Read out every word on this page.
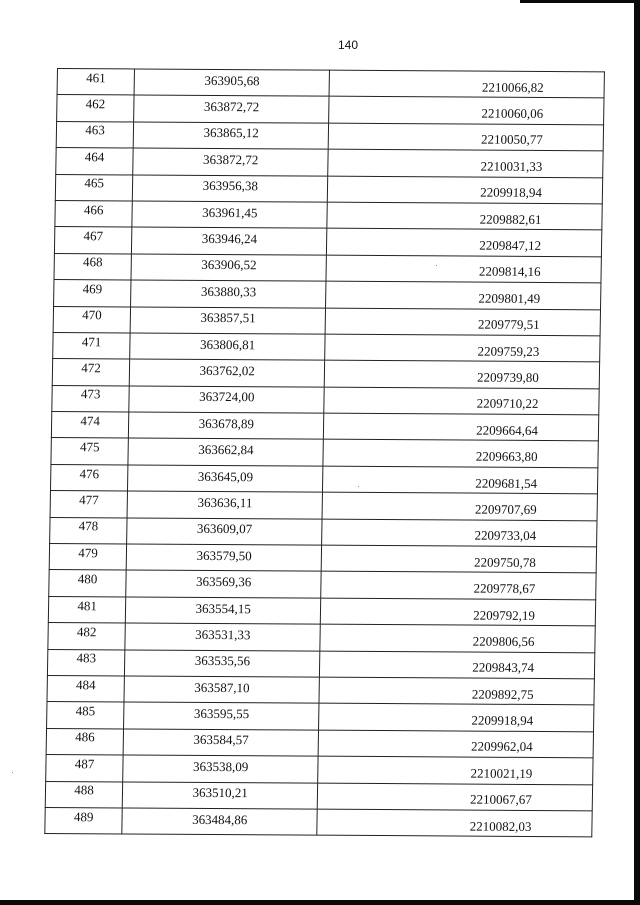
140
461	363905,68	2210066,82
462	363872,72	2210060,06
463	363865,12	2210050,77
464	363872,72	2210031,33
465	363956,38	2209918,94
466	363961,45	2209882,61
467	363946,24	2209847,12
468	363906,52	2209814,16
469	363880,33	2209801,49
470	363857,51	2209779,51
471	363806,81	2209759,23
472	363762,02	2209739,80
473	363724,00	2209710,22
474	363678,89	2209664,64
475	363662,84	2209663,80
476	363645,09	2209681,54
477	363636,11	2209707,69
478	363609,07	2209733,04
479	363579,50	2209750,78
480	363569,36	2209778,67
481	363554,15	2209792,19
482	363531,33	2209806,56
483	363535,56	2209843,74
484	363587,10	2209892,75
485	363595,55	2209918,94
486	363584,57	2209962,04
487	363538,09	2210021,19
488	363510,21	2210067,67
489	363484,86	2210082,03
